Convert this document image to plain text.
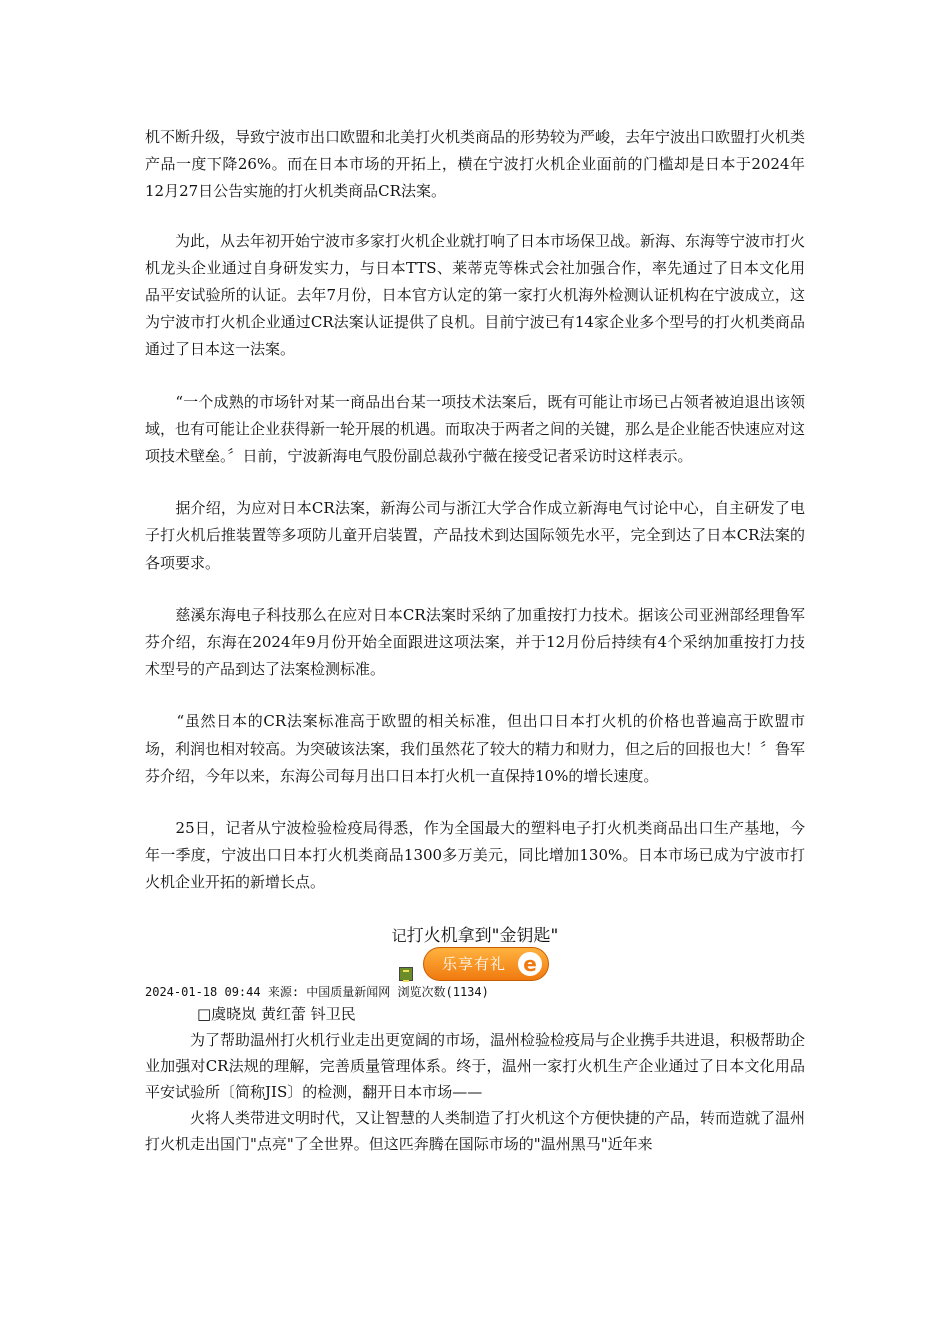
机不断升级，导致宁波市出口欧盟和北美打火机类商品的形势较为严峻，去年宁波出口欧盟打火机类产品一度下降26%。而在日本市场的开拓上，横在宁波打火机企业面前的门槛却是日本于2024年12月27日公告实施的打火机类商品CR法案。

　　为此，从去年初开始宁波市多家打火机企业就打响了日本市场保卫战。新海、东海等宁波市打火机龙头企业通过自身研发实力，与日本TTS、莱蒂克等株式会社加强合作，率先通过了日本文化用品平安试验所的认证。去年7月份，日本官方认定的第一家打火机海外检测认证机构在宁波成立，这为宁波市打火机企业通过CR法案认证提供了良机。目前宁波已有14家企业多个型号的打火机类商品通过了日本这一法案。

　　“一个成熟的市场针对某一商品出台某一项技术法案后，既有可能让市场已占领者被迫退出该领域，也有可能让企业获得新一轮开展的机遇。而取决于两者之间的关键，那么是企业能否快速应对这项技术壁垒。〞日前，宁波新海电气股份副总裁孙宁薇在接受记者采访时这样表示。

　　据介绍，为应对日本CR法案，新海公司与浙江大学合作成立新海电气讨论中心，自主研发了电子打火机后推装置等多项防儿童开启装置，产品技术到达国际领先水平，完全到达了日本CR法案的各项要求。

　　慈溪东海电子科技那么在应对日本CR法案时采纳了加重按打力技术。据该公司亚洲部经理鲁军芬介绍，东海在2024年9月份开始全面跟进这项法案，并于12月份后持续有4个采纳加重按打力技术型号的产品到达了法案检测标准。

　　“虽然日本的CR法案标准高于欧盟的相关标准，但出口日本打火机的价格也普遍高于欧盟市场，利润也相对较高。为突破该法案，我们虽然花了较大的精力和财力，但之后的回报也大！〞鲁军芬介绍，今年以来，东海公司每月出口日本打火机一直保持10%的增长速度。

　　25日，记者从宁波检验检疫局得悉，作为全国最大的塑料电子打火机类商品出口生产基地，今年一季度，宁波出口日本打火机类商品1300多万美元，同比增加130%。日本市场已成为宁波市打火机企业开拓的新增长点。

记打火机拿到"金钥匙"
乐享有礼 e
2024-01-18 09:44 来源: 中国质量新闻网 浏览次数(1134)
□虞晓岚 黄红蕾 钭卫民

　　　为了帮助温州打火机行业走出更宽阔的市场，温州检验检疫局与企业携手共进退，积极帮助企业加强对CR法规的理解，完善质量管理体系。终于，温州一家打火机生产企业通过了日本文化用品平安试验所〔简称JIS〕的检测，翻开日本市场——

　　　火将人类带进文明时代，又让智慧的人类制造了打火机这个方便快捷的产品，转而造就了温州打火机走出国门"点亮"了全世界。但这匹奔腾在国际市场的"温州黑马"近年来
